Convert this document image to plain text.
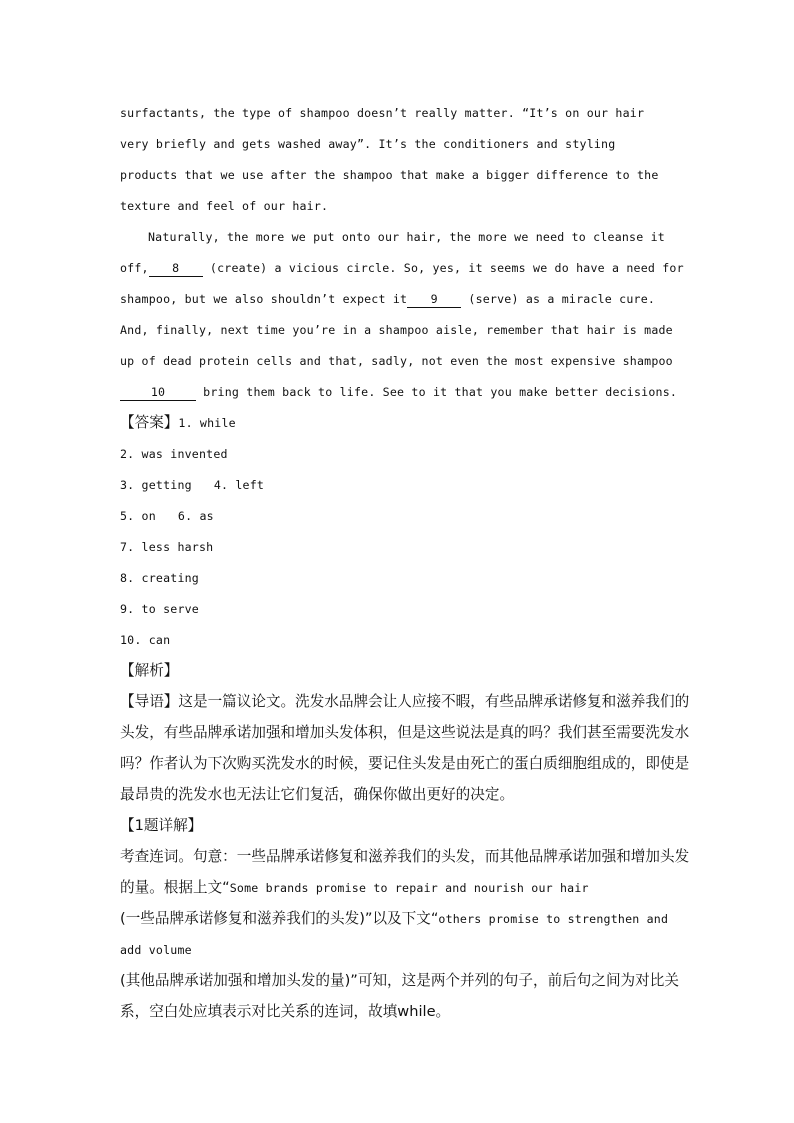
surfactants, the type of shampoo doesn’t really matter. “It’s on our hair
very briefly and gets washed away”. It’s the conditioners and styling
products that we use after the shampoo that make a bigger difference to the
texture and feel of our hair.
Naturally, the more we put onto our hair, the more we need to cleanse it
off, 8 (create) a vicious circle. So, yes, it seems we do have a need for
shampoo, but we also shouldn’t expect it 9 (serve) as a miracle cure.
And, finally, next time you’re in a shampoo aisle, remember that hair is made
up of dead protein cells and that, sadly, not even the most expensive shampoo
10	bring them back to life. See to it that you make better decisions.
【答案】1. while
2. was invented
3. getting 4. left
5. on 6. as
7. less harsh
8. creating
9. to serve
10. can
【解析】
【导语】这是一篇议论文。洗发水品牌会让人应接不暇，有些品牌承诺修复和滋养我们的
头发，有些品牌承诺加强和增加头发体积，但是这些说法是真的吗？我们甚至需要洗发水
吗？作者认为下次购买洗发水的时候，要记住头发是由死亡的蛋白质细胞组成的，即使是
最昂贵的洗发水也无法让它们复活，确保你做出更好的决定。
【1题详解】
考查连词。句意：一些品牌承诺修复和滋养我们的头发，而其他品牌承诺加强和增加头发
的量。根据上文“Some brands promise to repair and nourish our hair
(一些品牌承诺修复和滋养我们的头发)”以及下文“others promise to strengthen and
add volume
(其他品牌承诺加强和增加头发的量)”可知，这是两个并列的句子，前后句之间为对比关
系，空白处应填表示对比关系的连词，故填while。
